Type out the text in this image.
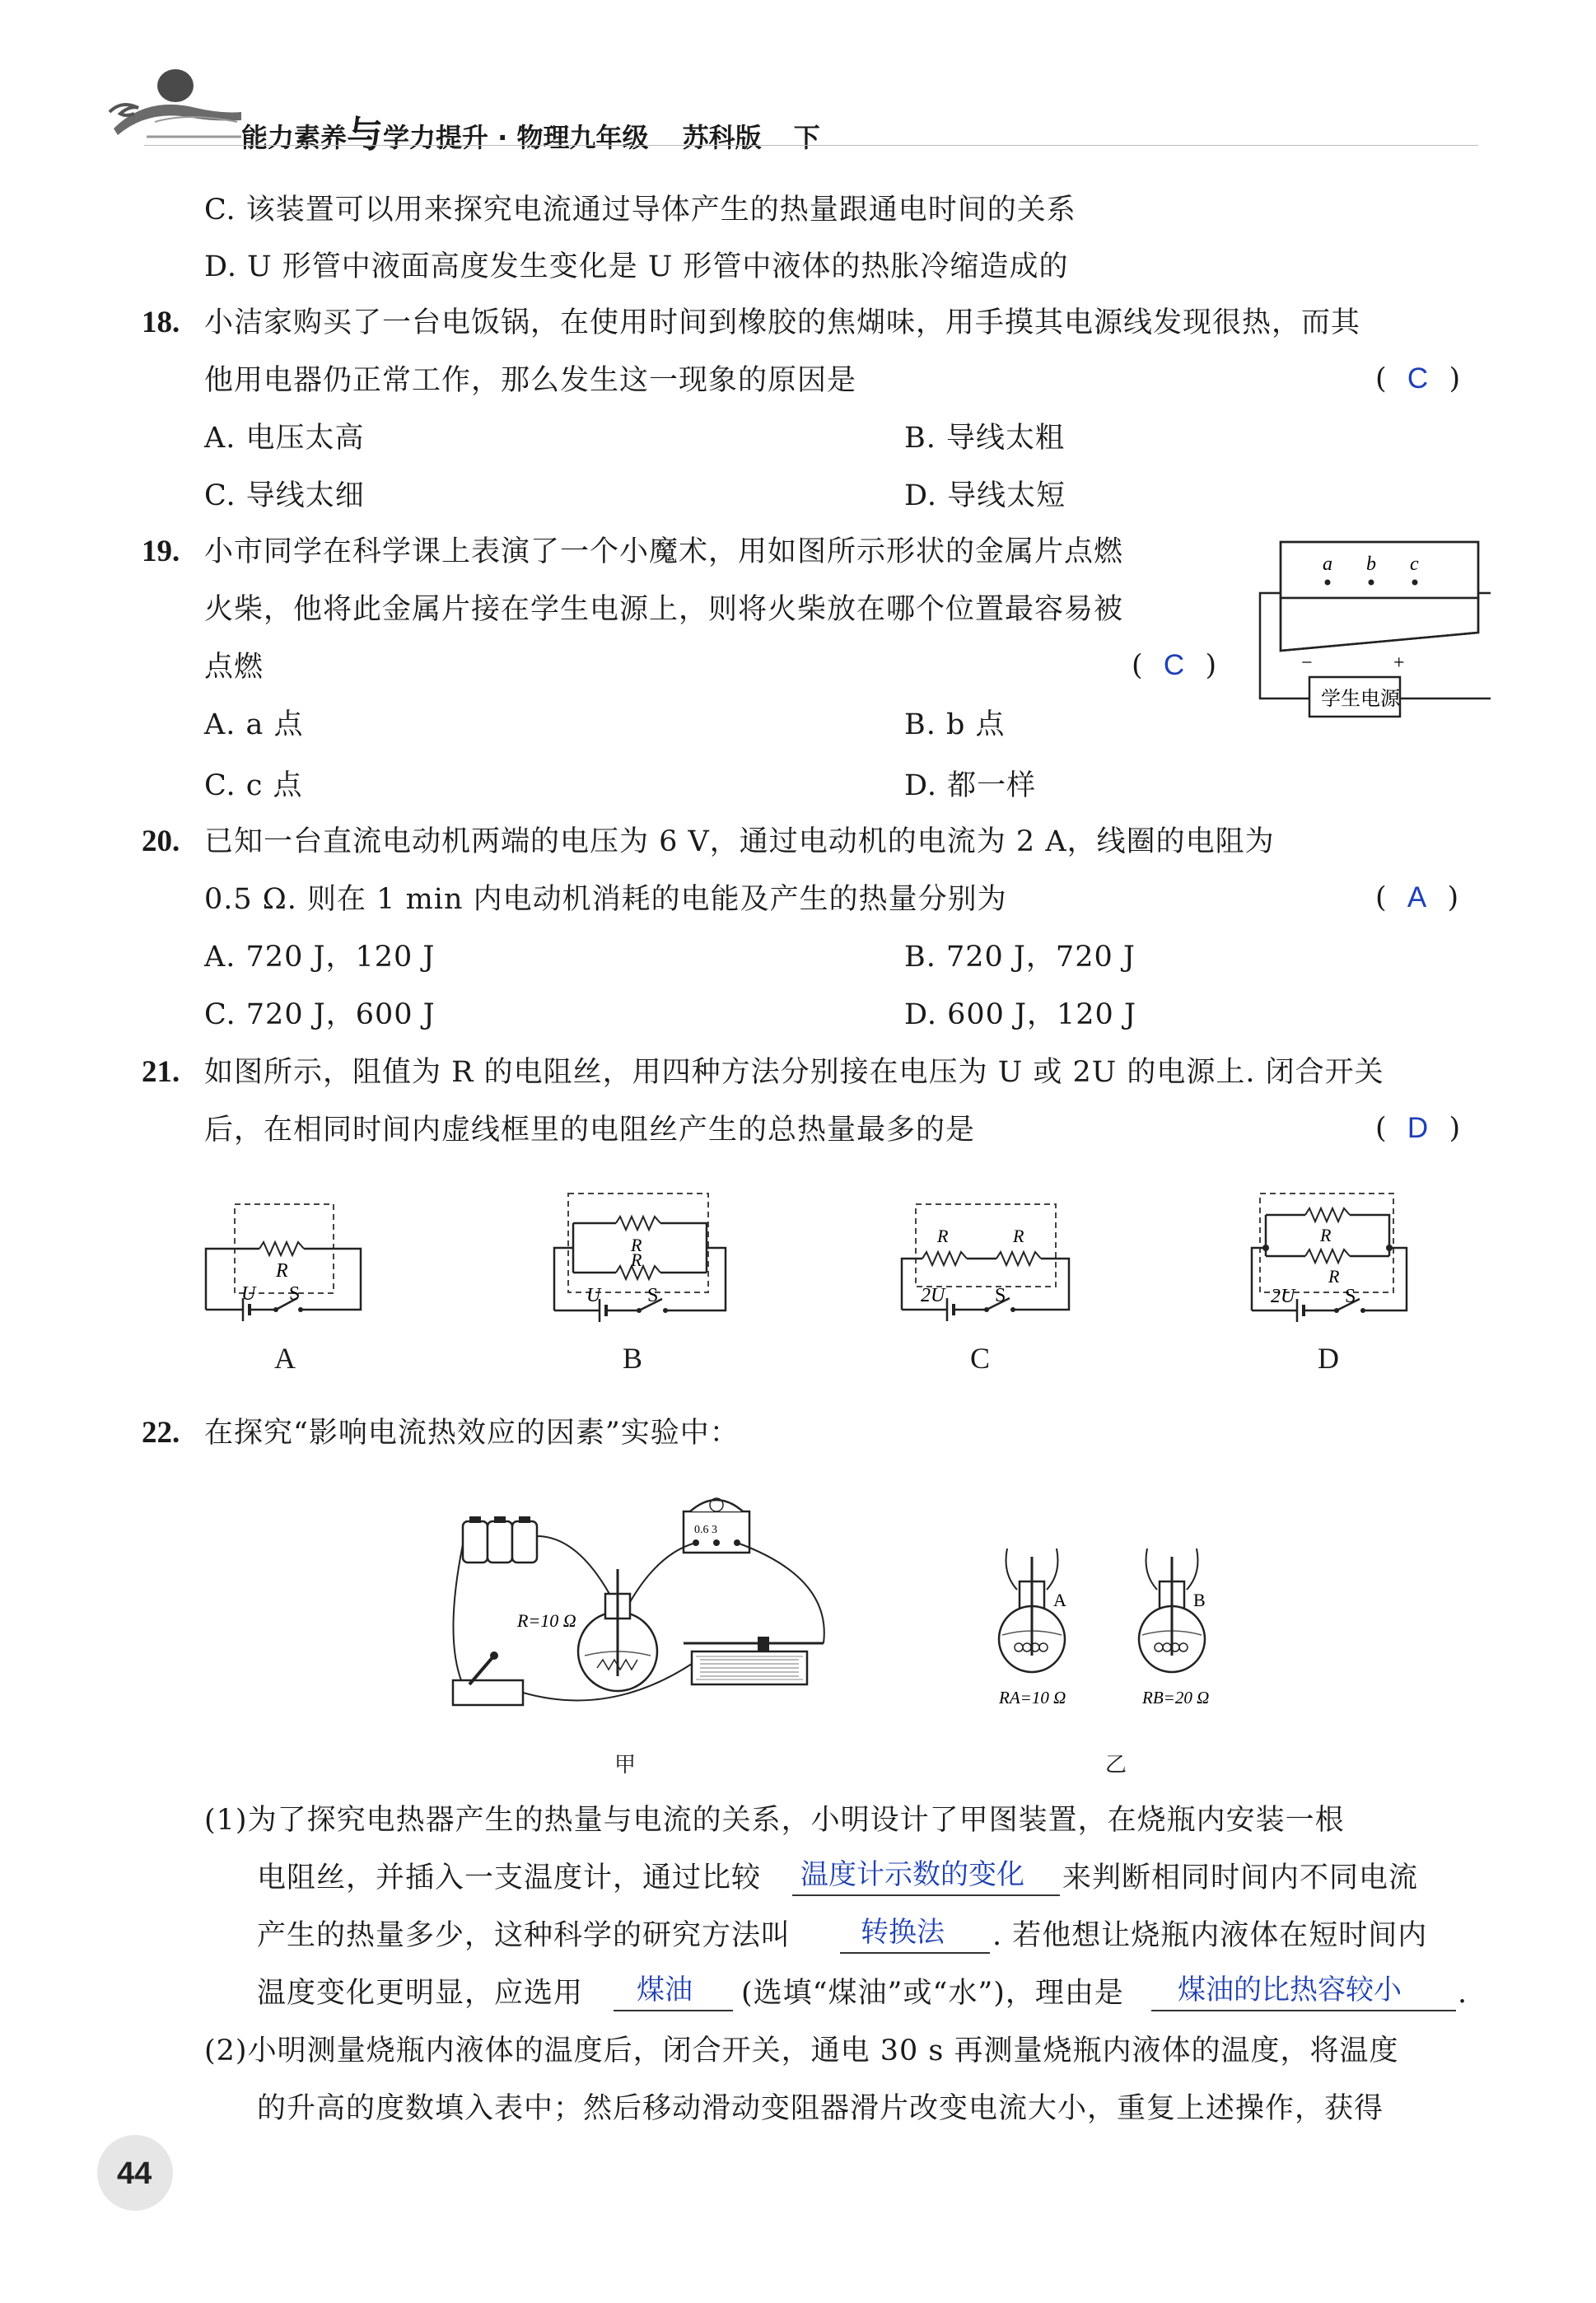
能力素养与学力提升 · 物理九年级 苏科版 下
C. 该装置可以用来探究电流通过导体产生的热量跟通电时间的关系
D. U 形管中液面高度发生变化是 U 形管中液体的热胀冷缩造成的
18. 小洁家购买了一台电饭锅，在使用时间到橡胶的焦煳味，用手摸其电源线发现很热，而其
他用电器仍正常工作，那么发生这一现象的原因是	(  C  )
A. 电压太高	B. 导线太粗
C. 导线太细	D. 导线太短
19. 小市同学在科学课上表演了一个小魔术，用如图所示形状的金属片点燃
火柴，他将此金属片接在学生电源上，则将火柴放在哪个位置最容易被
点燃	(  C  )
A. a 点	B. b 点
C. c 点	D. 都一样
a b c
−	+
学生电源
20. 已知一台直流电动机两端的电压为 6 V，通过电动机的电流为 2 A，线圈的电阻为
0.5 Ω. 则在 1 min 内电动机消耗的电能及产生的热量分别为	(  A  )
A. 720 J，120 J	B. 720 J，720 J
C. 720 J，600 J	D. 600 J，120 J
21. 如图所示，阻值为 R 的电阻丝，用四种方法分别接在电压为 U 或 2U 的电源上. 闭合开关
后，在相同时间内虚线框里的电阻丝产生的总热量最多的是	(  D  )
R
U S
A
R
R
U S
B
R	R
2U	S
C
R
R
2U	S
D
22. 在探究“影响电流热效应的因素”实验中：
0.6 3
R=10 Ω
甲
A	B
RA=10 Ω	RB=20 Ω
乙
(1)为了探究电热器产生的热量与电流的关系，小明设计了甲图装置，在烧瓶内安装一根
电阻丝，并插入一支温度计，通过比较 温度计示数的变化 来判断相同时间内不同电流
产生的热量多少，这种科学的研究方法叫 转换法 . 若他想让烧瓶内液体在短时间内
温度变化更明显，应选用 煤油 (选填“煤油”或“水”)，理由是 煤油的比热容较小 .
(2)小明测量烧瓶内液体的温度后，闭合开关，通电 30 s 再测量烧瓶内液体的温度，将温度
的升高的度数填入表中；然后移动滑动变阻器滑片改变电流大小，重复上述操作，获得
44
